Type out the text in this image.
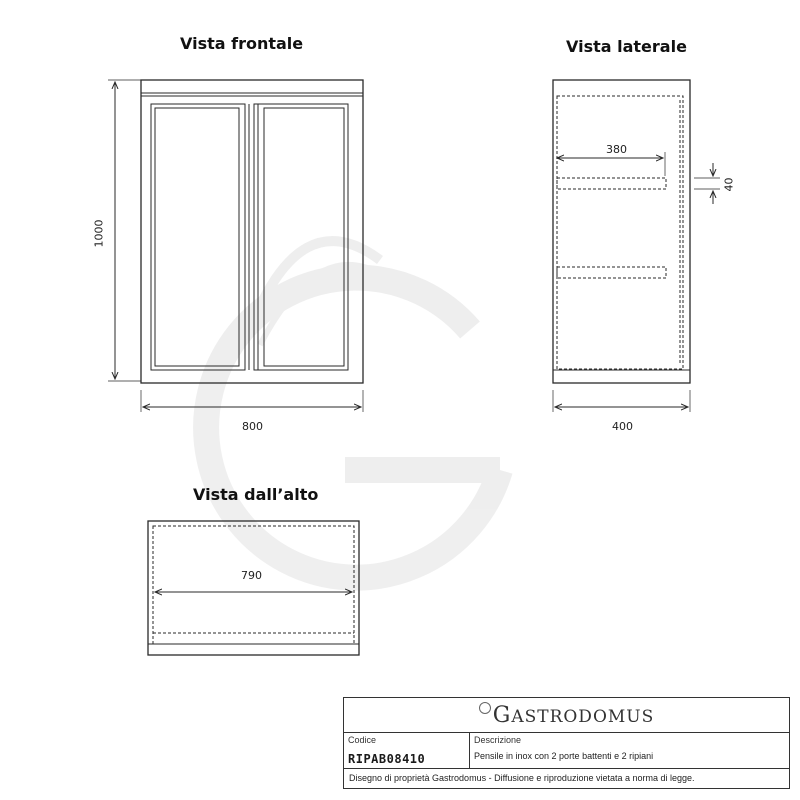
Vista frontale	Vista laterale
Vista dall’alto
1000
800
380
40
400
790
GASTRODOMUS
Codice
RIPAB08410
Descrizione
Pensile in inox con 2 porte battenti e 2 ripiani
Disegno di proprietà Gastrodomus - Diffusione e riproduzione vietata a norma di legge.
